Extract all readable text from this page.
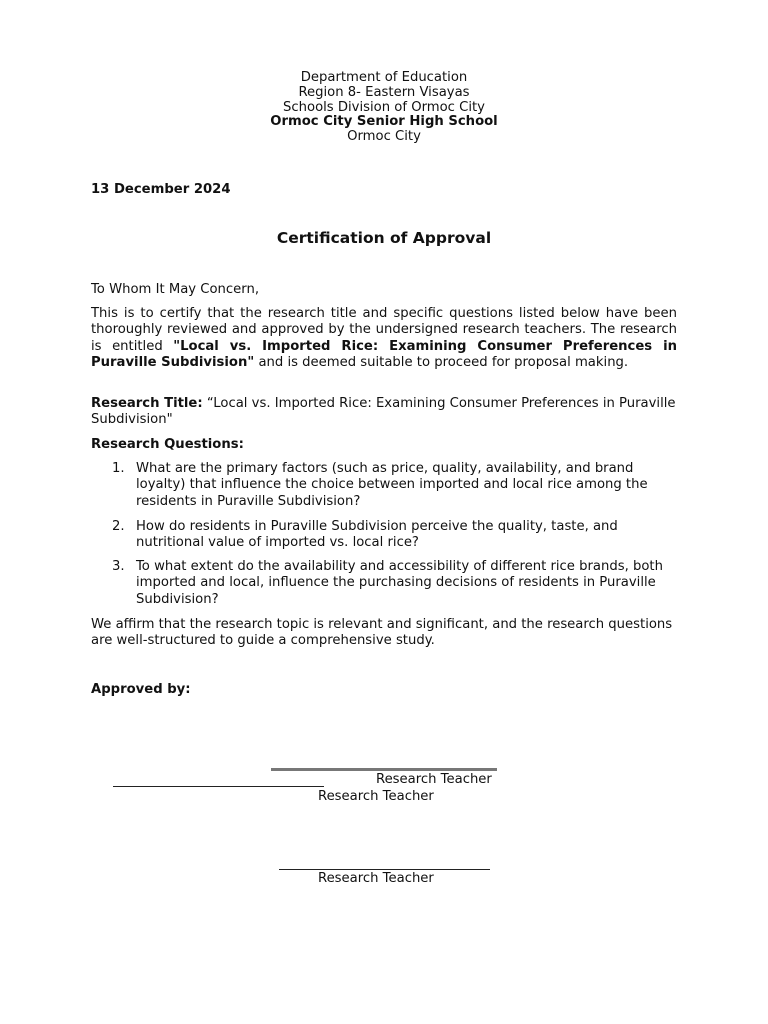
Department of Education
Region 8- Eastern Visayas
Schools Division of Ormoc City
Ormoc City Senior High School
Ormoc City
13 December 2024
Certification of Approval
To Whom It May Concern,

This is to certify that the research title and specific questions listed below have been thoroughly reviewed and approved by the undersigned research teachers. The research is entitled "Local vs. Imported Rice: Examining Consumer Preferences in Puraville Subdivision" and is deemed suitable to proceed for proposal making.

Research Title: “Local vs. Imported Rice: Examining Consumer Preferences in Puraville Subdivision"

Research Questions:
1. What are the primary factors (such as price, quality, availability, and brand loyalty) that influence the choice between imported and local rice among the residents in Puraville Subdivision?

2. How do residents in Puraville Subdivision perceive the quality, taste, and nutritional value of imported vs. local rice?

3. To what extent do the availability and accessibility of different rice brands, both imported and local, influence the purchasing decisions of residents in Puraville Subdivision?

We affirm that the research topic is relevant and significant, and the research questions are well-structured to guide a comprehensive study.

Approved by:
Research Teacher
Research Teacher
Research Teacher
